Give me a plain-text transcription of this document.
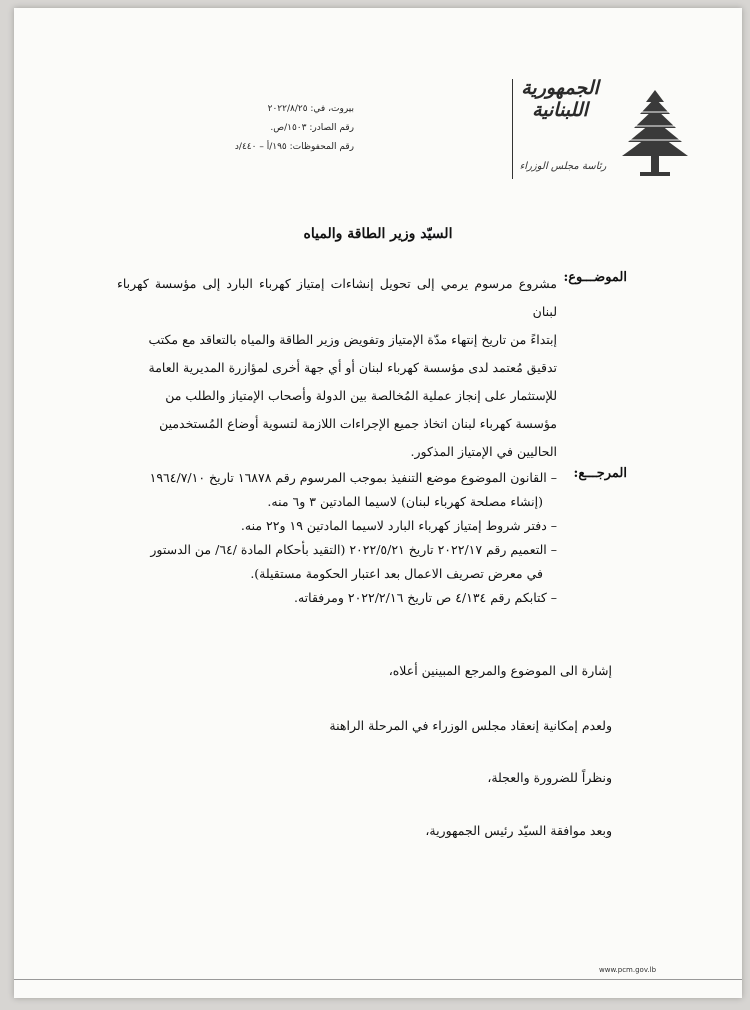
الجمهورية اللبنانية
رئاسة مجلس الوزراء
بيروت، في: ٢٠٢٢/٨/٢٥
رقم الصادر: ١٥٠٣/ص.
رقم المحفوظات: ١٩٥/أ – ٤٤٠/د
السيّد وزير الطاقة والمياه
الموضـــوع:
مشروع مرسوم يرمي إلى تحويل إنشاءات إمتياز كهرباء البارد إلى مؤسسة كهرباء لبنان
إبتداءً من تاريخ إنتهاء مدّة الإمتياز وتفويض وزير الطاقة والمياه بالتعاقد مع مكتب
تدقيق مُعتمد لدى مؤسسة كهرباء لبنان أو أي جهة أخرى لمؤازرة المديرية العامة
للإستثمار على إنجاز عملية المُخالصة بين الدولة وأصحاب الإمتياز والطلب من
مؤسسة كهرباء لبنان اتخاذ جميع الإجراءات اللازمة لتسوية أوضاع المُستخدمين
الحاليين في الإمتياز المذكور.
المرجـــع:
– القانون الموضوع موضع التنفيذ بموجب المرسوم رقم ١٦٨٧٨ تاريخ ١٩٦٤/٧/١٠
(إنشاء مصلحة كهرباء لبنان) لاسيما المادتين ٣ و٦ منه.
– دفتر شروط إمتياز كهرباء البارد لاسيما المادتين ١٩ و٢٢ منه.
– التعميم رقم ٢٠٢٢/١٧ تاريخ ٢٠٢٢/٥/٢١ (التقيد بأحكام المادة /٦٤/ من الدستور
في معرض تصريف الاعمال بعد اعتبار الحكومة مستقيلة).
– كتابكم رقم ٤/١٣٤ ص تاريخ ٢٠٢٢/٢/١٦ ومرفقاته.
إشارة الى الموضوع والمرجع المبينين أعلاه،
ولعدم إمكانية إنعقاد مجلس الوزراء في المرحلة الراهنة
ونظراً للضرورة والعجلة،
وبعد موافقة السيّد رئيس الجمهورية،
www.pcm.gov.lb
